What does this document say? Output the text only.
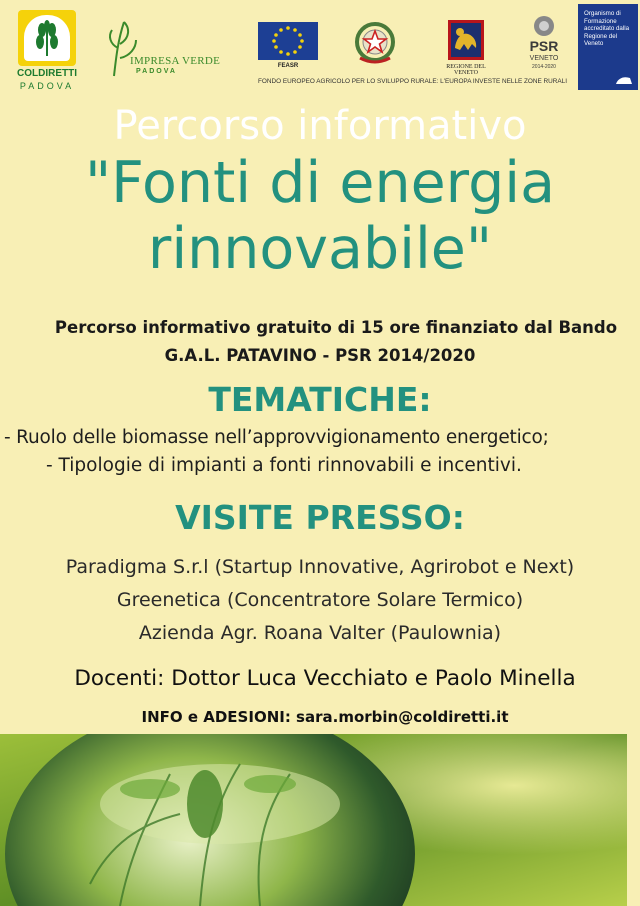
COLDIRETTI
PADOVA
IMPRESA VERDE
PADOVA
FEASR	REGIONE DEL VENETO
PSR
VENETO
2014-2020
Organismo di Formazione accreditato dalla Regione del Veneto
FONDO EUROPEO AGRICOLO PER LO SVILUPPO RURALE: L'EUROPA INVESTE NELLE ZONE RURALI
Percorso informativo
"Fonti di energia
rinnovabile"
Percorso informativo gratuito di 15 ore finanziato dal Bando
G.A.L. PATAVINO - PSR 2014/2020
TEMATICHE:
- Ruolo delle biomasse nell’approvvigionamento energetico;
- Tipologie di impianti a fonti rinnovabili e incentivi.
VISITE PRESSO:
Paradigma S.r.l (Startup Innovative, Agrirobot e Next)
Greenetica (Concentratore Solare Termico)
Azienda Agr. Roana Valter (Paulownia)
Docenti: Dottor Luca Vecchiato e Paolo Minella
INFO e ADESIONI: sara.morbin@coldiretti.it
